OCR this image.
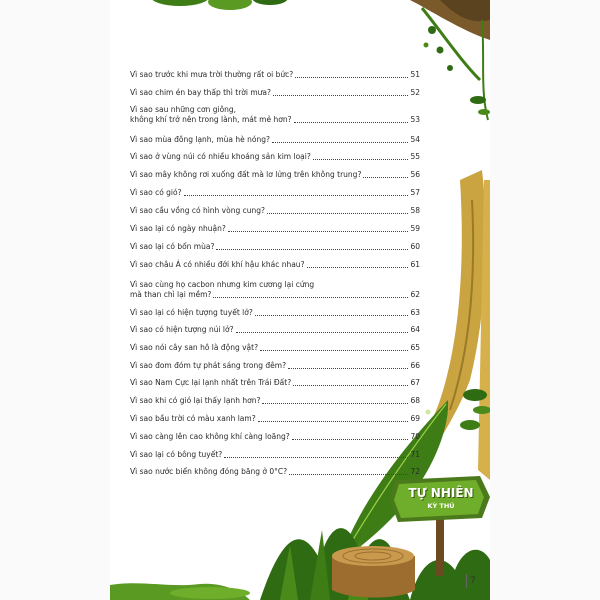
Vì sao trước khi mưa trời thường rất oi bức?	51
Vì sao chim én bay thấp thì trời mưa?	52
Vì sao sau những cơn giông,
không khí trở nên trong lành, mát mẻ hơn?	53
Vì sao mùa đông lạnh, mùa hè nóng?	54
Vì sao ở vùng núi có nhiều khoáng sản kim loại?	55
Vì sao mây không rơi xuống đất mà lơ lửng trên không trung?	56
Vì sao có gió?	57
Vì sao cầu vồng có hình vòng cung?	58
Vì sao lại có ngày nhuận?	59
Vì sao lại có bốn mùa?	60
Vì sao châu Á có nhiều đới khí hậu khác nhau?	61
Vì sao cùng họ cacbon nhưng kim cương lại cứng
mà than chì lại mềm?	62
Vì sao lại có hiện tượng tuyết lở?	63
Vì sao có hiện tượng núi lở?	64
Vì sao nói cây san hô là động vật?	65
Vì sao đom đóm tự phát sáng trong đêm?	66
Vì sao Nam Cực lại lạnh nhất trên Trái Đất?	67
Vì sao khi có gió lại thấy lạnh hơn?	68
Vì sao bầu trời có màu xanh lam?	69
Vì sao càng lên cao không khí càng loãng?	70
Vì sao lại có bông tuyết?	71
Vì sao nước biển không đóng băng ở 0°C?	72
TỰ NHIÊN
KỲ THÚ
7
